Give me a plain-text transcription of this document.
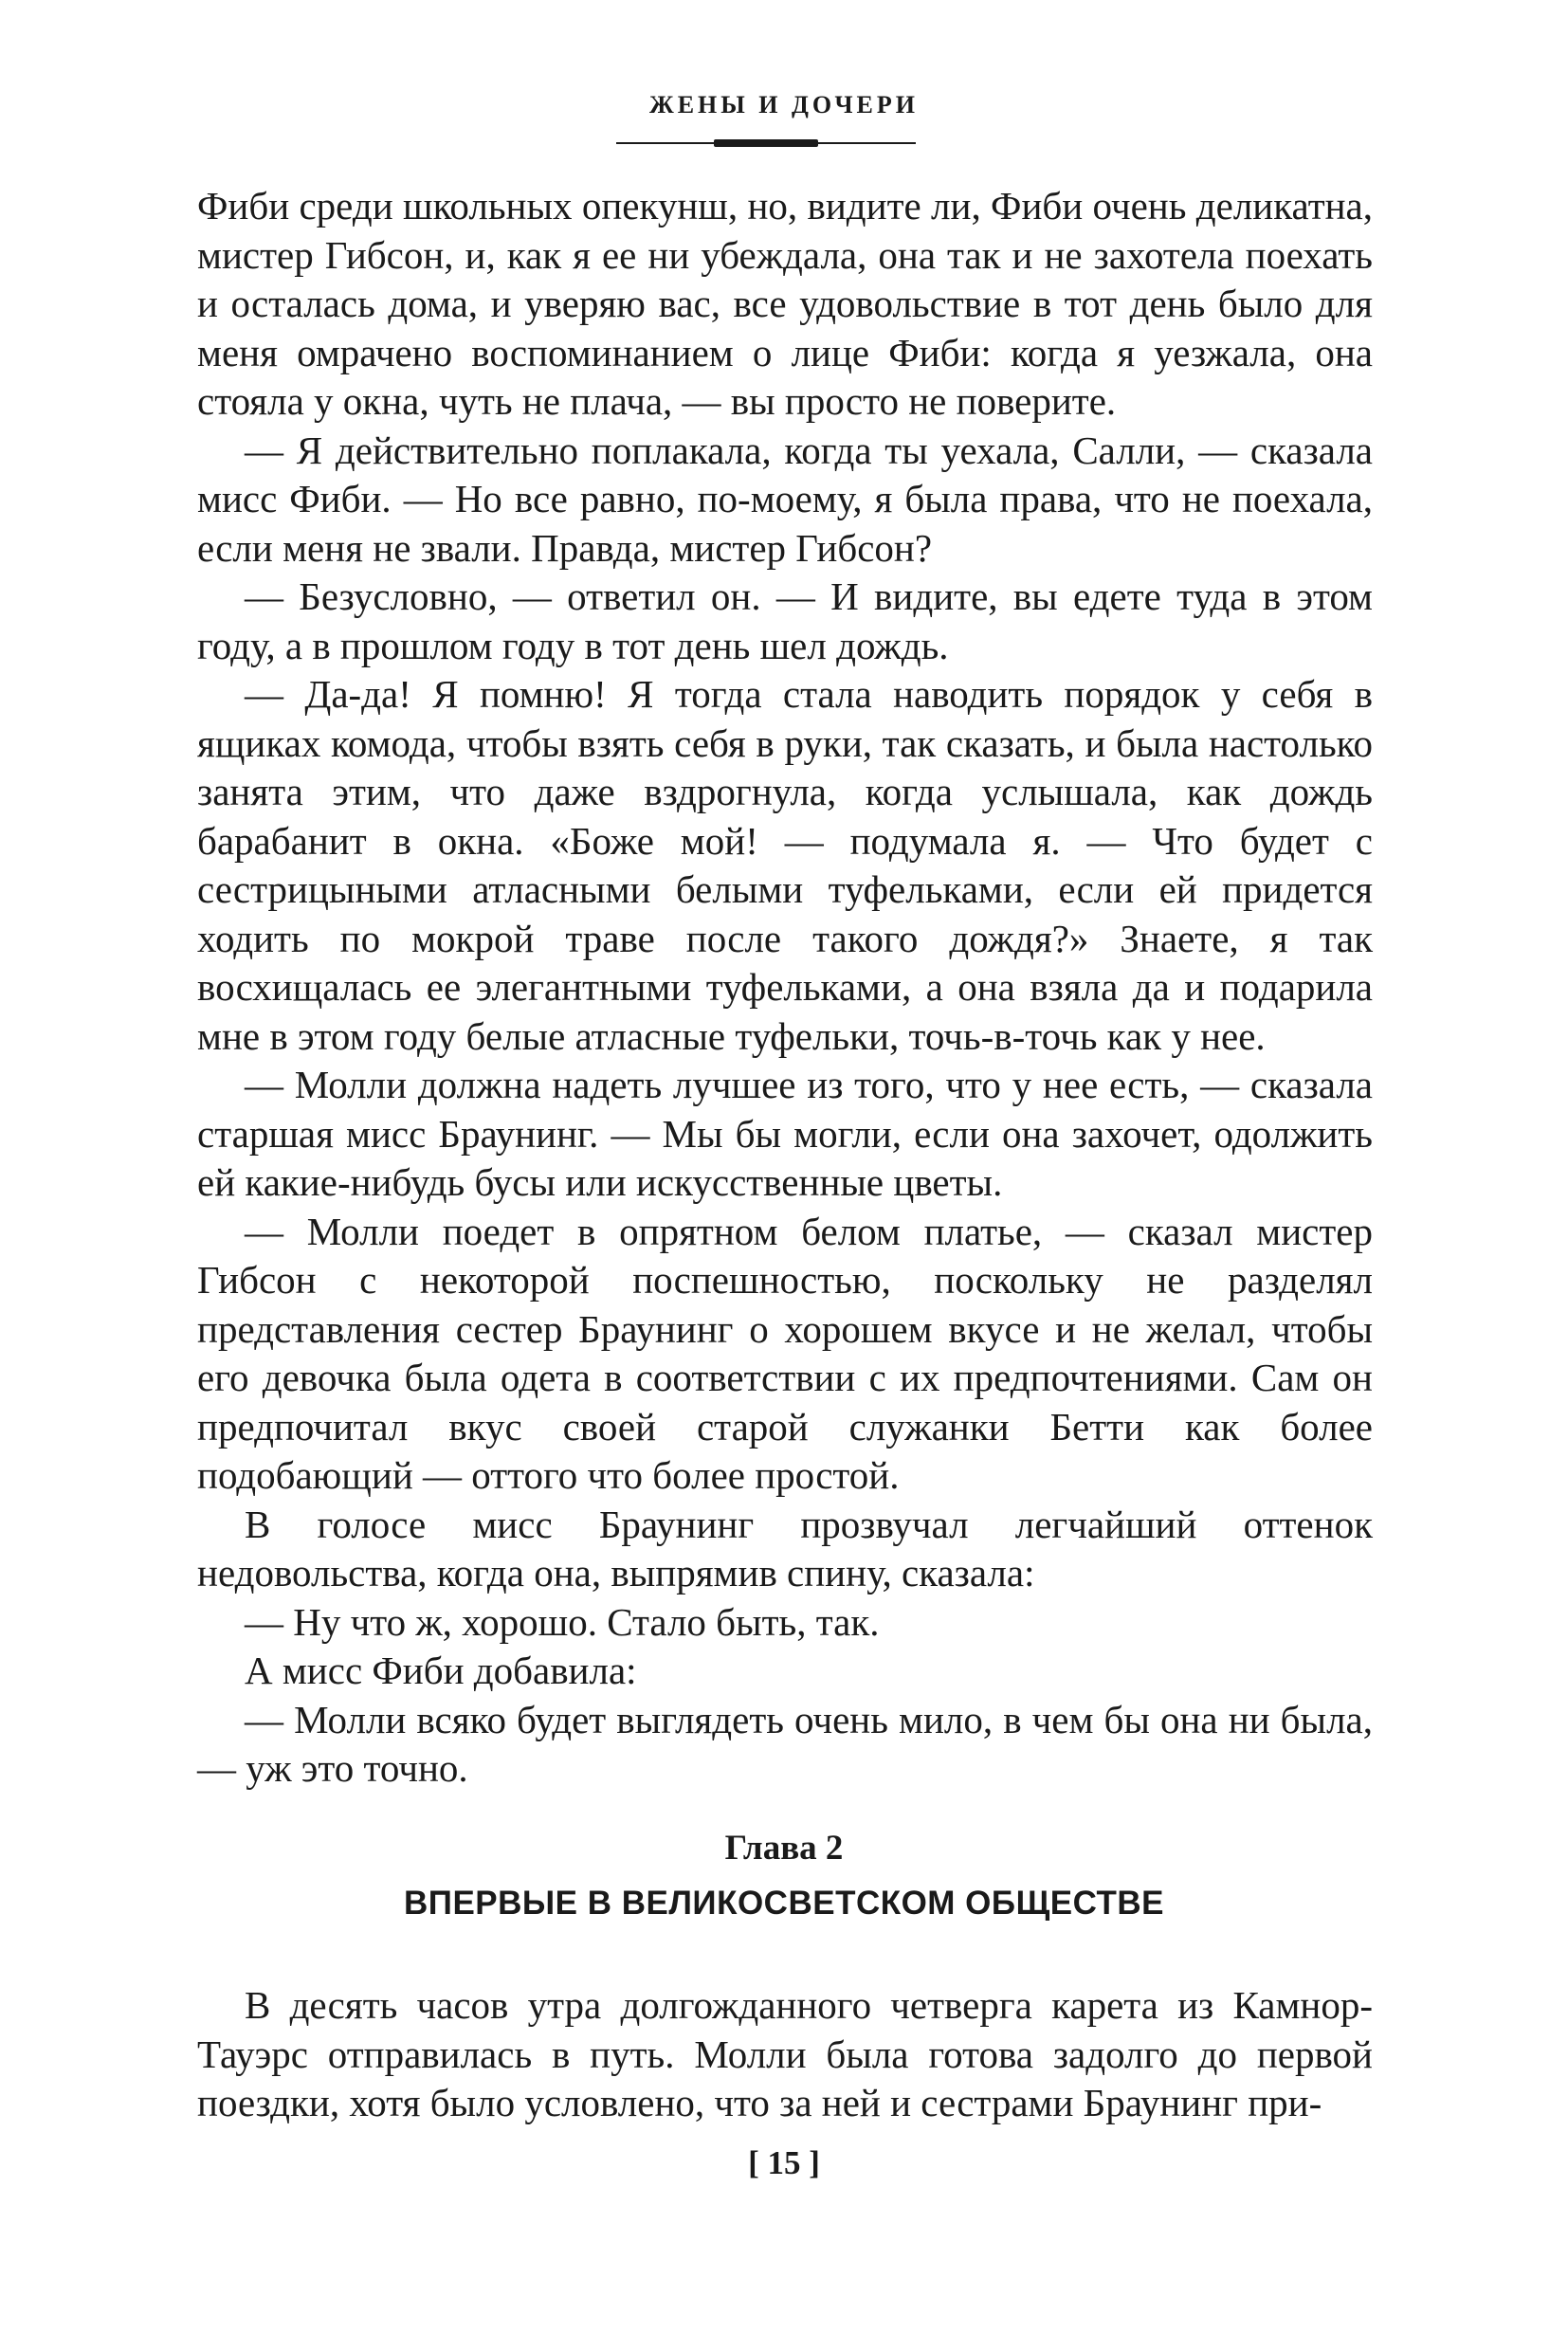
ЖЕНЫ И ДОЧЕРИ

Фиби среди школьных опекунш, но, видите ли, Фиби очень деликатна, мистер Гибсон, и, как я ее ни убеждала, она так и не захотела поехать и осталась дома, и уверяю вас, все удовольствие в тот день было для меня омрачено воспоминанием о лице Фиби: когда я уезжала, она стояла у окна, чуть не плача, — вы просто не поверите.

— Я действительно поплакала, когда ты уехала, Салли, — сказала мисс Фиби. — Но все равно, по-моему, я была права, что не поехала, если меня не звали. Правда, мистер Гибсон?

— Безусловно, — ответил он. — И видите, вы едете туда в этом году, а в прошлом году в тот день шел дождь.

— Да-да! Я помню! Я тогда стала наводить порядок у себя в ящиках комода, чтобы взять себя в руки, так сказать, и была настолько занята этим, что даже вздрогнула, когда услышала, как дождь барабанит в окна. «Боже мой! — подумала я. — Что будет с сестрицыными атласными белыми туфельками, если ей придется ходить по мокрой траве после такого дождя?» Знаете, я так восхищалась ее элегантными туфельками, а она взяла да и подарила мне в этом году белые атласные туфельки, точь-в-точь как у нее.

— Молли должна надеть лучшее из того, что у нее есть, — сказала старшая мисс Браунинг. — Мы бы могли, если она захочет, одолжить ей какие-нибудь бусы или искусственные цветы.

— Молли поедет в опрятном белом платье, — сказал мистер Гибсон с некоторой поспешностью, поскольку не разделял представления сестер Браунинг о хорошем вкусе и не желал, чтобы его девочка была одета в соответствии с их предпочтениями. Сам он предпочитал вкус своей старой служанки Бетти как более подобающий — оттого что более простой.

В голосе мисс Браунинг прозвучал легчайший оттенок недовольства, когда она, выпрямив спину, сказала:

— Ну что ж, хорошо. Стало быть, так.

А мисс Фиби добавила:

— Молли всяко будет выглядеть очень мило, в чем бы она ни была, — уж это точно.

Глава 2
ВПЕРВЫЕ В ВЕЛИКОСВЕТСКОМ ОБЩЕСТВЕ

В десять часов утра долгожданного четверга карета из Камнор-Тауэрс отправилась в путь. Молли была готова задолго до первой поездки, хотя было условлено, что за ней и сестрами Браунинг при-

[ 15 ]
